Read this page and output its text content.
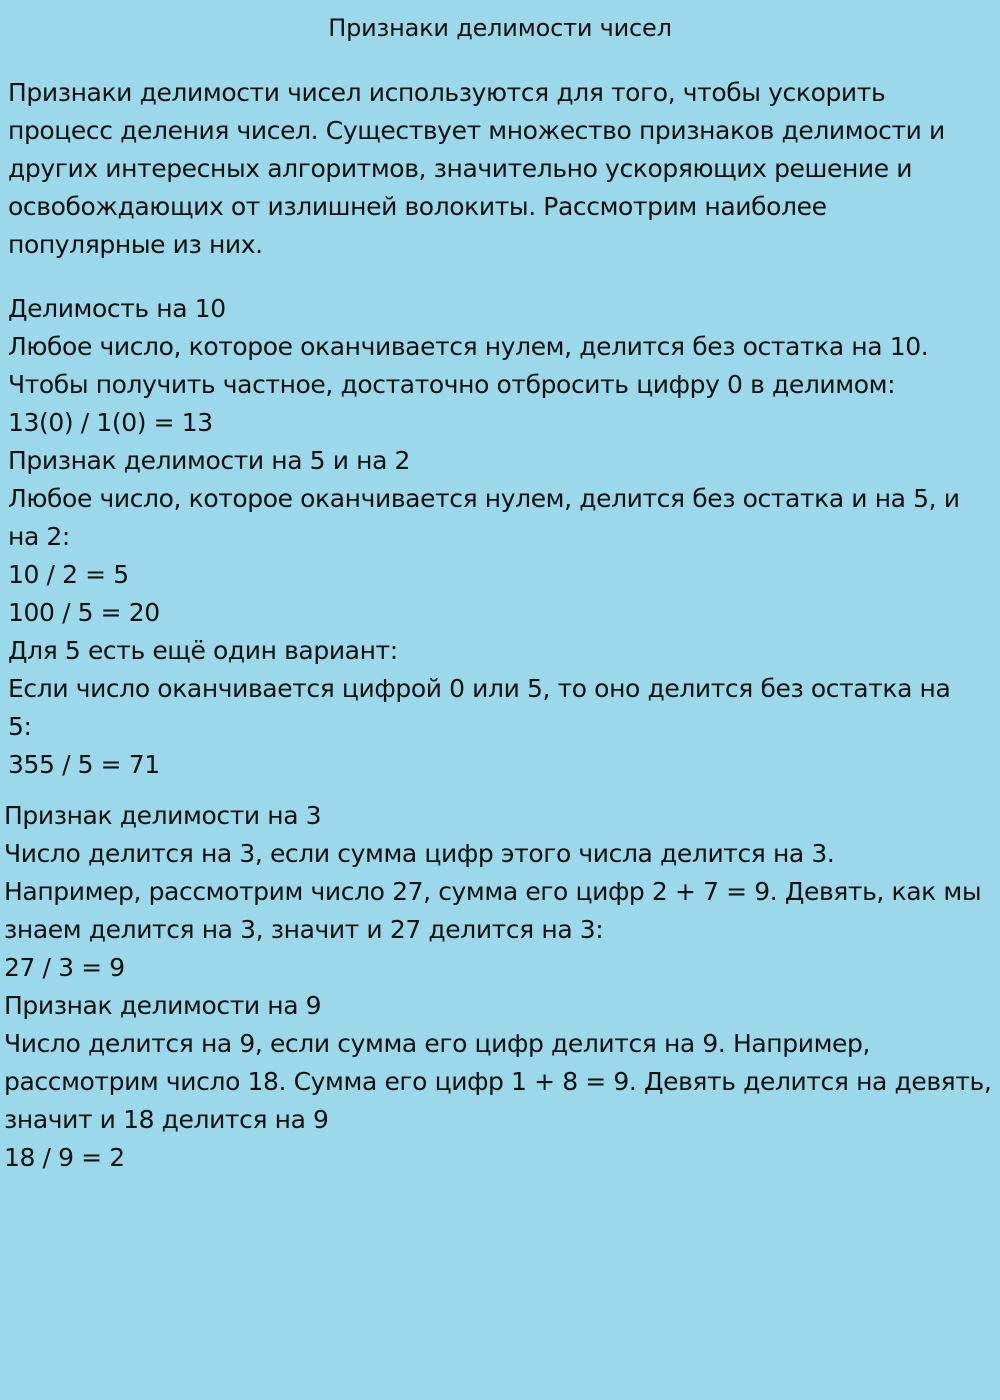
Признаки делимости чисел
Признаки делимости чисел используются для того, чтобы ускорить
процесс деления чисел. Существует множество признаков делимости и
других интересных алгоритмов, значительно ускоряющих решение и
освобождающих от излишней волокиты. Рассмотрим наиболее
популярные из них.
Делимость на 10
Любое число, которое оканчивается нулем, делится без остатка на 10.
Чтобы получить частное, достаточно отбросить цифру 0 в делимом:
13(0) / 1(0) = 13
Признак делимости на 5 и на 2
Любое число, которое оканчивается нулем, делится без остатка и на 5, и
на 2:
10 / 2 = 5
100 / 5 = 20
Для 5 есть ещё один вариант:
Если число оканчивается цифрой 0 или 5, то оно делится без остатка на
5:
355 / 5 = 71
Признак делимости на 3
Число делится на 3, если сумма цифр этого числа делится на 3.
Например, рассмотрим число 27, сумма его цифр 2 + 7 = 9. Девять, как мы
знаем делится на 3, значит и 27 делится на 3:
27 / 3 = 9
Признак делимости на 9
Число делится на 9, если сумма его цифр делится на 9. Например,
рассмотрим число 18. Сумма его цифр 1 + 8 = 9. Девять делится на девять,
значит и 18 делится на 9
18 / 9 = 2
